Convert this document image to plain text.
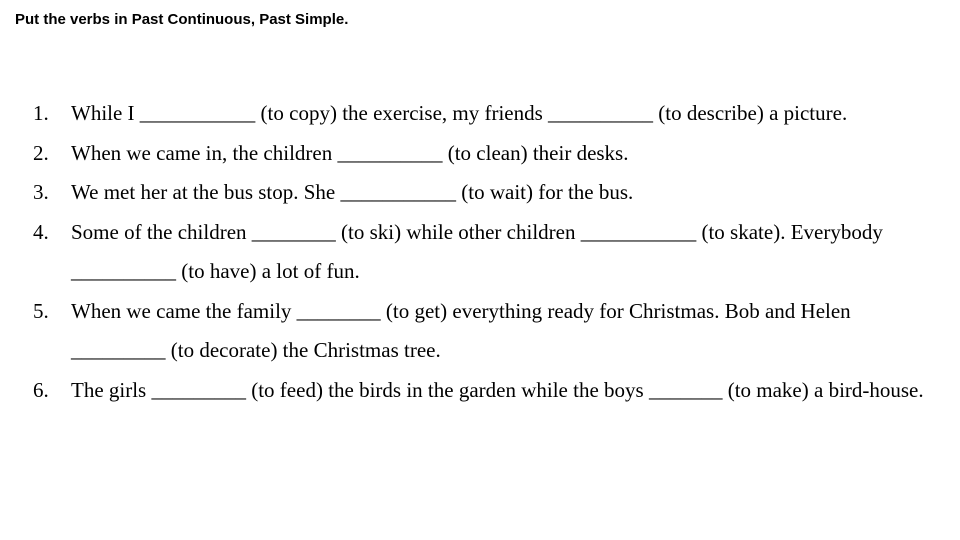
Put the verbs in Past Continuous, Past Simple.
1. While I ___________ (to copy) the exercise, my friends __________ (to describe) a picture.
2. When we came in, the children __________ (to clean) their desks.
3. We met her at the bus stop. She ___________ (to wait) for the bus.
4. Some of the children ________ (to ski) while other children ___________ (to skate). Everybody __________ (to have) a lot of fun.
5. When we came the family ________ (to get) everything ready for Christmas. Bob and Helen _________ (to decorate) the Christmas tree.
6. The girls _________ (to feed) the birds in the garden while the boys _______ (to make) a bird-house.
